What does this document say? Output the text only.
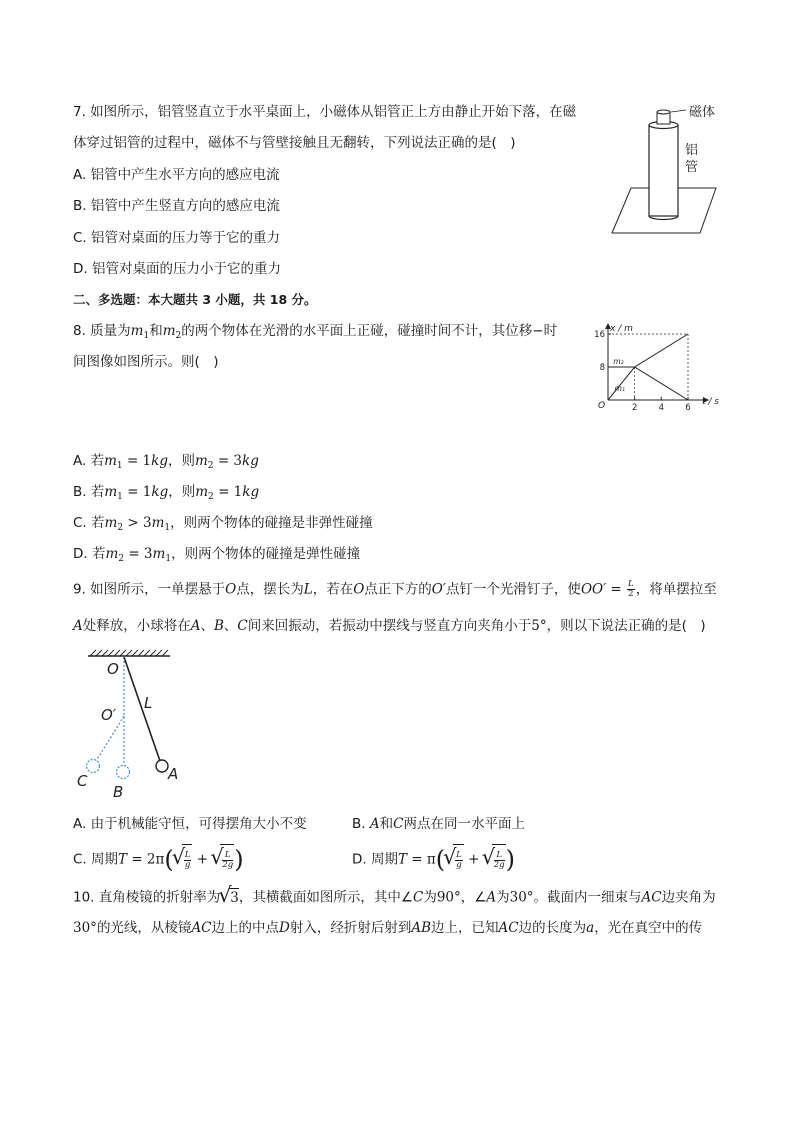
7. 如图所示，铝管竖直立于水平桌面上，小磁体从铝管正上方由静止开始下落，在磁
体穿过铝管的过程中，磁体不与管壁接触且无翻转，下列说法正确的是(　)
A. 铝管中产生水平方向的感应电流
B. 铝管中产生竖直方向的感应电流
C. 铝管对桌面的压力等于它的重力
D. 铝管对桌面的压力小于它的重力
磁体
铝
管
二、多选题：本大题共 3 小题，共 18 分。
8. 质量为$m_1$和$m_2$的两个物体在光滑的水平面上正碰，碰撞时间不计，其位移−时
间图像如图所示。则(　)
x / m
t / s
O	2 4 6
8
16
m₂
m₁
A. 若$m_1 = 1kg$，则$m_2 = 3kg$
B. 若$m_1 = 1kg$，则$m_2 = 1kg$
C. 若$m_2 > 3m_1$，则两个物体的碰撞是非弹性碰撞
D. 若$m_2 = 3m_1$，则两个物体的碰撞是弹性碰撞
9. 如图所示，一单摆悬于O点，摆长为L，若在O点正下方的O′点钉一个光滑钉子，使$OO' = \frac{L}{2}$ ，将单摆拉至
A处释放，小球将在A、B、C间来回振动，若振动中摆线与竖直方向夹角小于5°，则以下说法正确的是(　)
O
L
O′
A
B
C
A. 由于机械能守恒，可得摆角大小不变	B. A和C两点在同一水平面上
C. 周期T = 2π( √ $\frac{L}{g}$ + √ $\frac{L}{2g}$ )	D. 周期T = π( √ $\frac{L}{g}$ + √ $\frac{L}{2g}$ )
10. 直角棱镜的折射率为 √ 3，其横截面如图所示，其中∠C为90°，∠A为30°。截面内一细束与AC边夹角为
30°的光线，从棱镜AC边上的中点D射入，经折射后射到AB边上，已知AC边的长度为a，光在真空中的传
